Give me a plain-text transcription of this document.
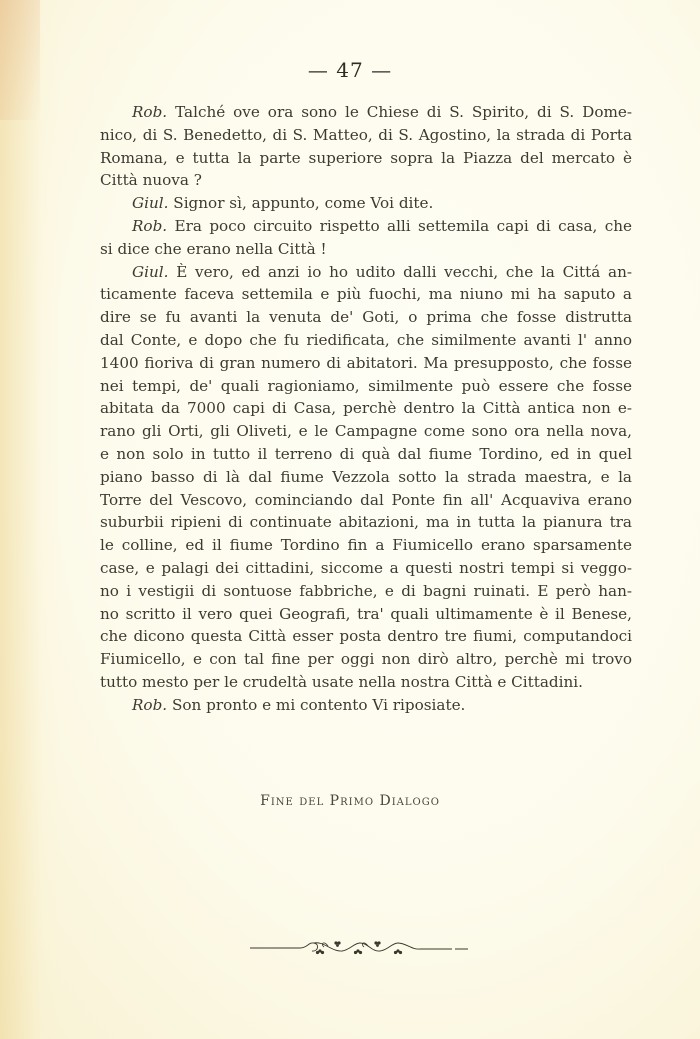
— 47 —
Rob. Talché ove ora sono le Chiese di S. Spirito, di S. Dome-
nico, di S. Benedetto, di S. Matteo, di S. Agostino, la strada di Porta
Romana, e tutta la parte superiore sopra la Piazza del mercato è
Città nuova ?
Giul. Signor sì, appunto, come Voi dite.
Rob. Era poco circuito rispetto alli settemila capi di casa, che
si dice che erano nella Città !
Giul. È vero, ed anzi io ho udito dalli vecchi, che la Cittá an-
ticamente faceva settemila e più fuochi, ma niuno mi ha saputo a
dire se fu avanti la venuta de' Goti, o prima che fosse distrutta
dal Conte, e dopo che fu riedificata, che similmente avanti l' anno
1400 fioriva di gran numero di abitatori. Ma presupposto, che fosse
nei tempi, de' quali ragioniamo, similmente può essere che fosse
abitata da 7000 capi di Casa, perchè dentro la Città antica non e-
rano gli Orti, gli Oliveti, e le Campagne come sono ora nella nova,
e non solo in tutto il terreno di quà dal fiume Tordino, ed in quel
piano basso di là dal fiume Vezzola sotto la strada maestra, e la
Torre del Vescovo, cominciando dal Ponte fin all' Acquaviva erano
suburbii ripieni di continuate abitazioni, ma in tutta la pianura tra
le colline, ed il fiume Tordino fin a Fiumicello erano sparsamente
case, e palagi dei cittadini, siccome a questi nostri tempi si veggo-
no i vestigii di sontuose fabbriche, e di bagni ruinati. E però han-
no scritto il vero quei Geografi, tra' quali ultimamente è il Benese,
che dicono questa Città esser posta dentro tre fiumi, computandoci
Fiumicello, e con tal fine per oggi non dirò altro, perchè mi trovo
tutto mesto per le crudeltà usate nella nostra Città e Cittadini.
Rob. Son pronto e mi contento Vi riposiate.
Fine del Primo Dialogo
